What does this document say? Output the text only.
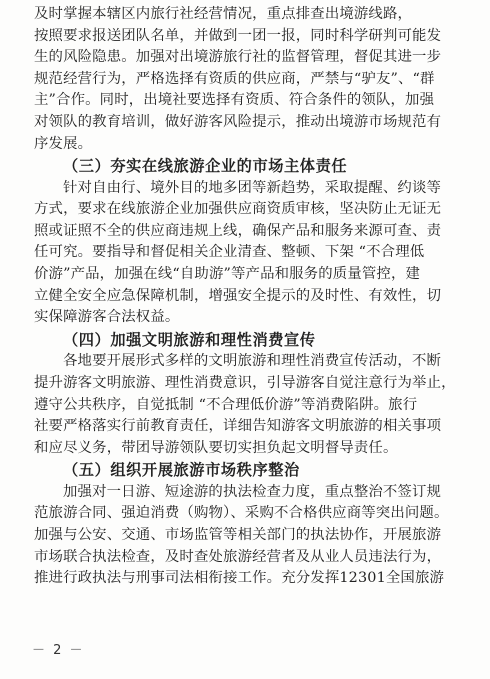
及时掌握本辖区内旅行社经营情况，重点排查出境游线路，
按照要求报送团队名单，并做到一团一报，同时科学研判可能发
生的风险隐患。加强对出境游旅行社的监督管理，督促其进一步
规范经营行为，严格选择有资质的供应商，严禁与“驴友”、“群
主”合作。同时，出境社要选择有资质、符合条件的领队，加强
对领队的教育培训，做好游客风险提示，推动出境游市场规范有
序发展。
（三）夯实在线旅游企业的市场主体责任
针对自由行、境外目的地多团等新趋势，采取提醒、约谈等
方式，要求在线旅游企业加强供应商资质审核，坚决防止无证无
照或证照不全的供应商违规上线，确保产品和服务来源可查、责
任可究。要指导和督促相关企业清查、整顿、下架 “不合理低
价游”产品，加强在线“自助游”等产品和服务的质量管控，建
立健全安全应急保障机制，增强安全提示的及时性、有效性，切
实保障游客合法权益。
（四）加强文明旅游和理性消费宣传
各地要开展形式多样的文明旅游和理性消费宣传活动，不断
提升游客文明旅游、理性消费意识，引导游客自觉注意行为举止，
遵守公共秩序，自觉抵制 “不合理低价游”等消费陷阱。旅行
社要严格落实行前教育责任，详细告知游客文明旅游的相关事项
和应尽义务，带团导游领队要切实担负起文明督导责任。
（五）组织开展旅游市场秩序整治
加强对一日游、短途游的执法检查力度，重点整治不签订规
范旅游合同、强迫消费（购物）、采购不合格供应商等突出问题。
加强与公安、交通、市场监管等相关部门的执法协作，开展旅游
市场联合执法检查，及时查处旅游经营者及从业人员违法行为，
推进行政执法与刑事司法相衔接工作。充分发挥12301全国旅游
－ 2 －
